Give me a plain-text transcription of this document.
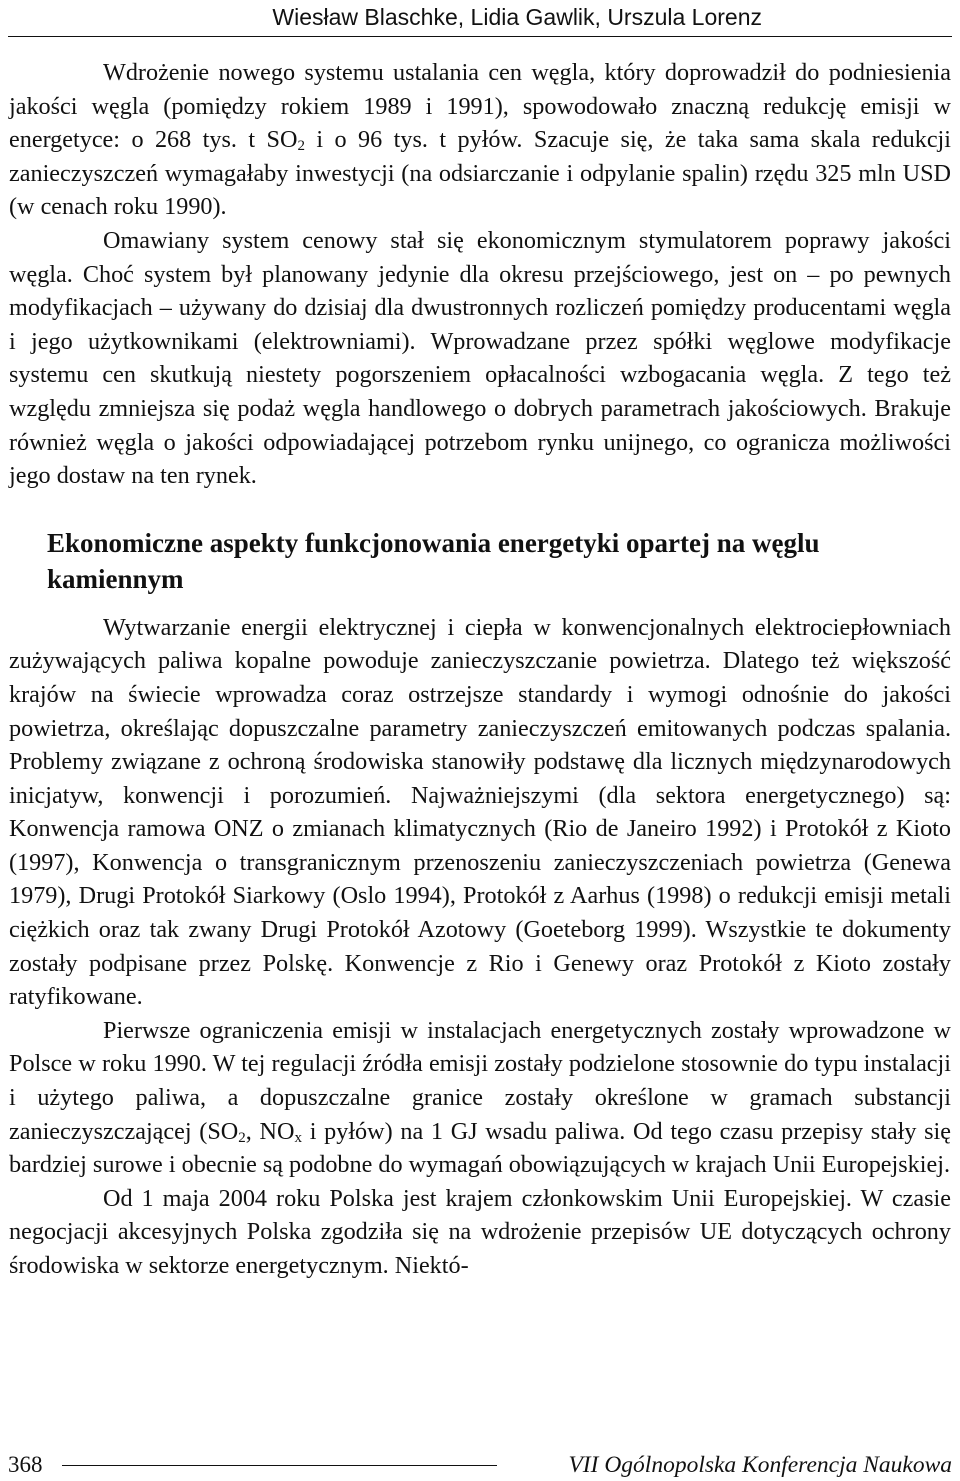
Wiesław Blaschke, Lidia Gawlik, Urszula Lorenz

Wdrożenie nowego systemu ustalania cen węgla, który doprowadził do podniesienia jakości węgla (pomiędzy rokiem 1989 i 1991), spowodowało znaczną redukcję emisji w energetyce: o 268 tys. t $SO_2$ i o 96 tys. t pyłów. Szacuje się, że taka sama skala redukcji zanieczyszczeń wymagałaby inwestycji (na odsiarczanie i odpylanie spalin) rzędu 325 mln USD (w cenach roku 1990).

Omawiany system cenowy stał się ekonomicznym stymulatorem poprawy jakości węgla. Choć system był planowany jedynie dla okresu przejściowego, jest on – po pewnych modyfikacjach – używany do dzisiaj dla dwustronnych rozliczeń pomiędzy producentami węgla i jego użytkownikami (elektrowniami). Wprowadzane przez spółki węglowe modyfikacje systemu cen skutkują niestety pogorszeniem opłacalności wzbogacania węgla. Z tego też względu zmniejsza się podaż węgla handlowego o dobrych parametrach jakościowych. Brakuje również węgla o jakości odpowiadającej potrzebom rynku unijnego, co ogranicza możliwości jego dostaw na ten rynek.

Ekonomiczne aspekty funkcjonowania energetyki opartej na węglu kamiennym

Wytwarzanie energii elektrycznej i ciepła w konwencjonalnych elektrociepłowniach zużywających paliwa kopalne powoduje zanieczyszczanie powietrza. Dlatego też większość krajów na świecie wprowadza coraz ostrzejsze standardy i wymogi odnośnie do jakości powietrza, określając dopuszczalne parametry zanieczyszczeń emitowanych podczas spalania. Problemy związane z ochroną środowiska stanowiły podstawę dla licznych międzynarodowych inicjatyw, konwencji i porozumień. Najważniejszymi (dla sektora energetycznego) są: Konwencja ramowa ONZ o zmianach klimatycznych (Rio de Janeiro 1992) i Protokół z Kioto (1997), Konwencja o transgranicznym przenoszeniu zanieczyszczeniach powietrza (Genewa 1979), Drugi Protokół Siarkowy (Oslo 1994), Protokół z Aarhus (1998) o redukcji emisji metali ciężkich oraz tak zwany Drugi Protokół Azotowy (Goeteborg 1999). Wszystkie te dokumenty zostały podpisane przez Polskę. Konwencje z Rio i Genewy oraz Protokół z Kioto zostały ratyfikowane.

Pierwsze ograniczenia emisji w instalacjach energetycznych zostały wprowadzone w Polsce w roku 1990. W tej regulacji źródła emisji zostały podzielone stosownie do typu instalacji i użytego paliwa, a dopuszczalne granice zostały określone w gramach substancji zanieczyszczającej ($SO_2$, $NO_x$ i pyłów) na 1 GJ wsadu paliwa. Od tego czasu przepisy stały się bardziej surowe i obecnie są podobne do wymagań obowiązujących w krajach Unii Europejskiej.

Od 1 maja 2004 roku Polska jest krajem członkowskim Unii Europejskiej. W czasie negocjacji akcesyjnych Polska zgodziła się na wdrożenie przepisów UE dotyczących ochrony środowiska w sektorze energetycznym. Niektó-

368	VII Ogólnopolska Konferencja Naukowa
